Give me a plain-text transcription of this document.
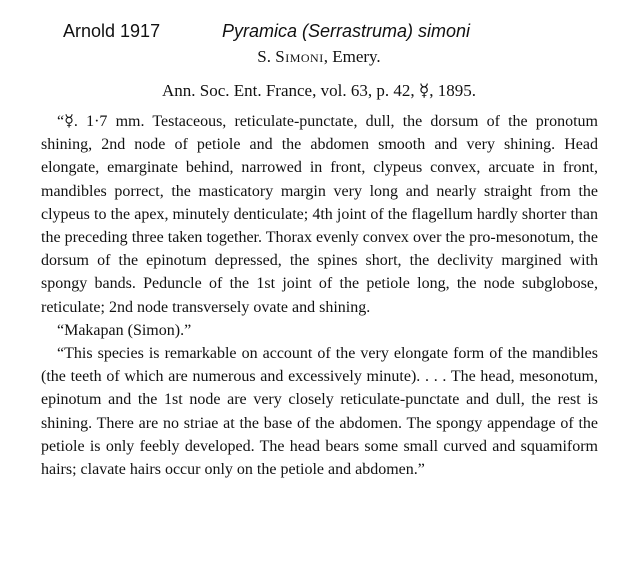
Arnold 1917	Pyramica (Serrastruma) simoni
S. Simoni, Emery.
Ann. Soc. Ent. France, vol. 63, p. 42, ☿, 1895.

“☿. 1·7 mm. Testaceous, reticulate-punctate, dull, the dorsum of the pronotum shining, 2nd node of petiole and the abdomen smooth and very shining. Head elongate, emarginate behind, narrowed in front, clypeus convex, arcuate in front, mandibles porrect, the masticatory margin very long and nearly straight from the clypeus to the apex, minutely denticulate; 4th joint of the flagellum hardly shorter than the preceding three taken together. Thorax evenly convex over the pro-mesonotum, the dorsum of the epinotum depressed, the spines short, the declivity margined with spongy bands. Peduncle of the 1st joint of the petiole long, the node subglobose, reticulate; 2nd node transversely ovate and shining.

“Makapan (Simon).”

“This species is remarkable on account of the very elongate form of the mandibles (the teeth of which are numerous and excessively minute). . . . The head, mesonotum, epinotum and the 1st node are very closely reticulate-punctate and dull, the rest is shining. There are no striae at the base of the abdomen. The spongy appendage of the petiole is only feebly developed. The head bears some small curved and squamiform hairs; clavate hairs occur only on the petiole and abdomen.”
